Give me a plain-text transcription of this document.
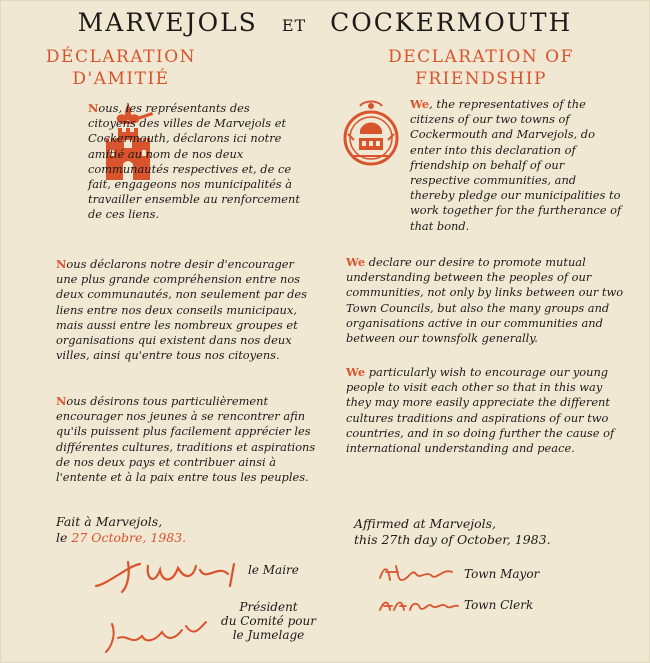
MARVEJOLS ET COCKERMOUTH
DÉCLARATION
D'AMITIÉ

Nous, les représentants des citoyens des villes de Marvejols et Cockermouth, déclarons ici notre amitié au nom de nos deux communautés respectives et, de ce fait, engageons nos municipalités à travailler ensemble au renforcement de ces liens.

Nous déclarons notre desir d'encourager une plus grande compréhension entre nos deux communautés, non seulement par des liens entre nos deux conseils municipaux, mais aussi entre les nombreux groupes et organisations qui existent dans nos deux villes, ainsi qu'entre tous nos citoyens.

Nous désirons tous particulièrement encourager nos jeunes à se rencontrer afin qu'ils puissent plus facilement apprécier les différentes cultures, traditions et aspirations de nos deux pays et contribuer ainsi à l'entente et à la paix entre tous les peuples.

Fait à Marvejols,
le 27 Octobre, 1983.

le Maire
Président
du Comité pour
le Jumelage
DECLARATION OF
FRIENDSHIP

We, the representatives of the citizens of our two towns of Cockermouth and Marvejols, do enter into this declaration of friendship on behalf of our respective communities, and thereby pledge our municipalities to work together for the furtherance of that bond.

We declare our desire to promote mutual understanding between the peoples of our communities, not only by links between our two Town Councils, but also the many groups and organisations active in our communities and between our townsfolk generally.

We particularly wish to encourage our young people to visit each other so that in this way they may more easily appreciate the different cultures traditions and aspirations of our two countries, and in so doing further the cause of international understanding and peace.

Affirmed at Marvejols,
this 27th day of October, 1983.

Town Mayor
Town Clerk
